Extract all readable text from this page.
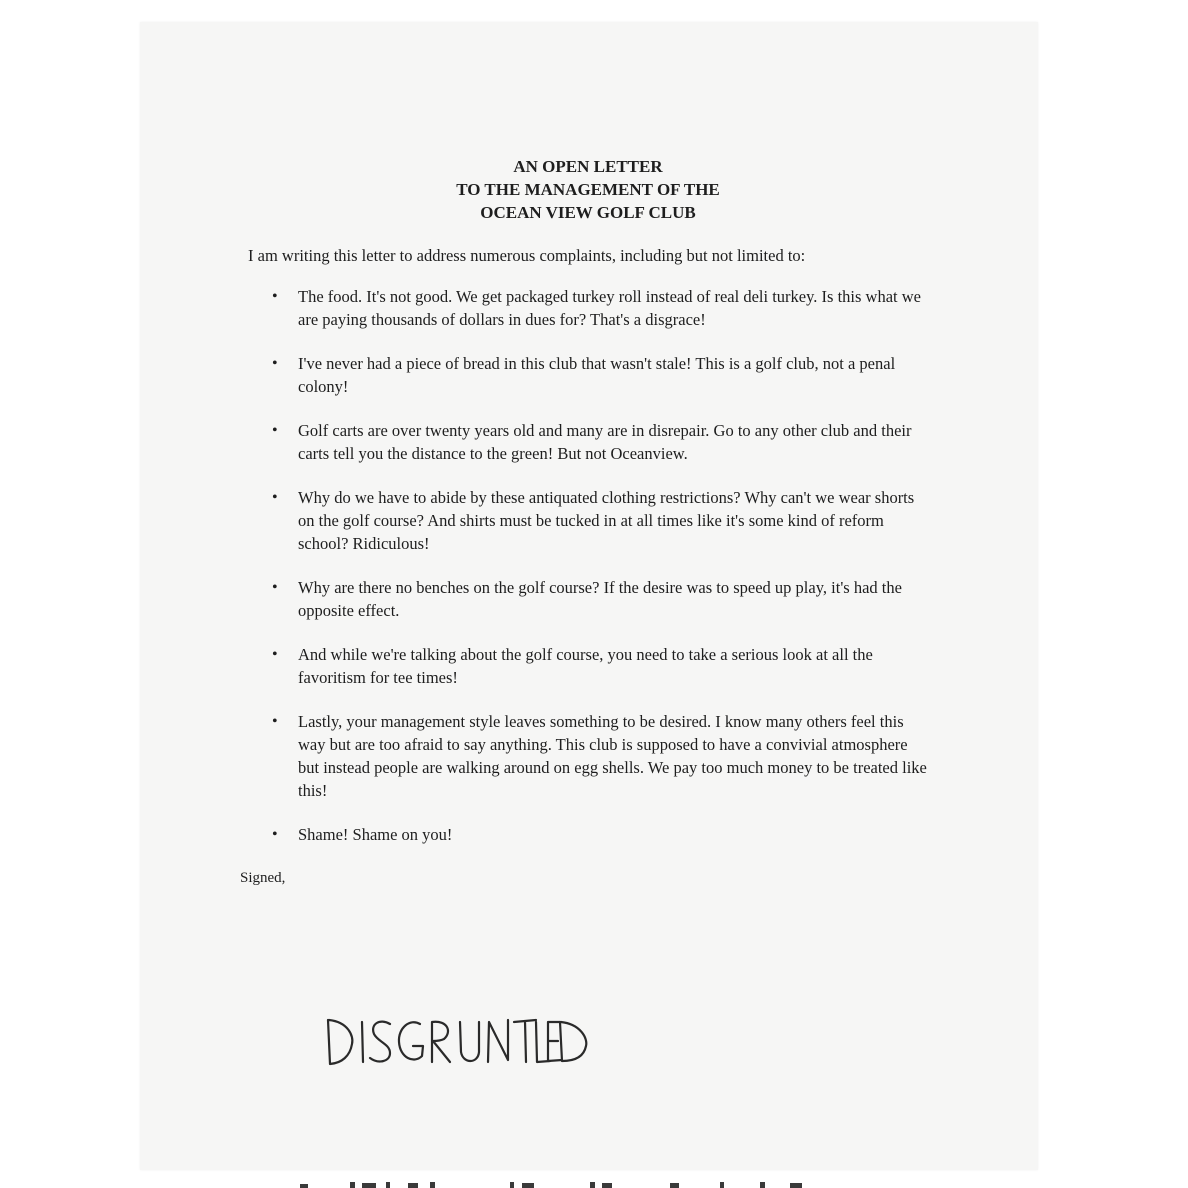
AN OPEN LETTER
TO THE MANAGEMENT OF THE
OCEAN VIEW GOLF CLUB
I am writing this letter to address numerous complaints, including but not limited to:
• The food. It's not good. We get packaged turkey roll instead of real deli turkey. Is this what we are paying thousands of dollars in dues for? That's a disgrace!
• I've never had a piece of bread in this club that wasn't stale! This is a golf club, not a penal colony!
• Golf carts are over twenty years old and many are in disrepair. Go to any other club and their carts tell you the distance to the green! But not Oceanview.
• Why do we have to abide by these antiquated clothing restrictions? Why can't we wear shorts on the golf course? And shirts must be tucked in at all times like it's some kind of reform school? Ridiculous!
• Why are there no benches on the golf course? If the desire was to speed up play, it's had the opposite effect.
• And while we're talking about the golf course, you need to take a serious look at all the favoritism for tee times!
• Lastly, your management style leaves something to be desired. I know many others feel this way but are too afraid to say anything. This club is supposed to have a convivial atmosphere but instead people are walking around on egg shells. We pay too much money to be treated like this!
• Shame! Shame on you!
Signed,
